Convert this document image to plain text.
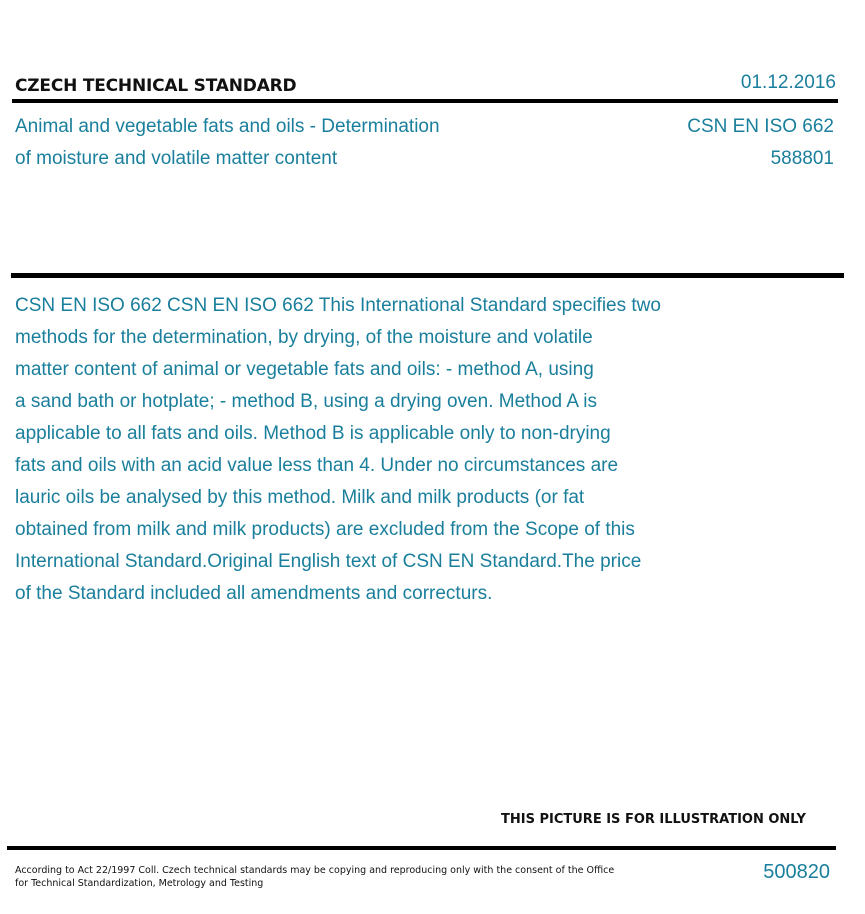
CZECH TECHNICAL STANDARD	01.12.2016
Animal and vegetable fats and oils - Determination
of moisture and volatile matter content
CSN EN ISO 662
588801
CSN EN ISO 662 CSN EN ISO 662 This International Standard specifies two
methods for the determination, by drying, of the moisture and volatile
matter content of animal or vegetable fats and oils: - method A, using
a sand bath or hotplate; - method B, using a drying oven. Method A is
applicable to all fats and oils. Method B is applicable only to non-drying
fats and oils with an acid value less than 4. Under no circumstances are
lauric oils be analysed by this method. Milk and milk products (or fat
obtained from milk and milk products) are excluded from the Scope of this
International Standard.Original English text of CSN EN Standard.The price
of the Standard included all amendments and correcturs.
THIS PICTURE IS FOR ILLUSTRATION ONLY
According to Act 22/1997 Coll. Czech technical standards may be copying and reproducing only with the consent of the Office
for Technical Standardization, Metrology and Testing
500820
